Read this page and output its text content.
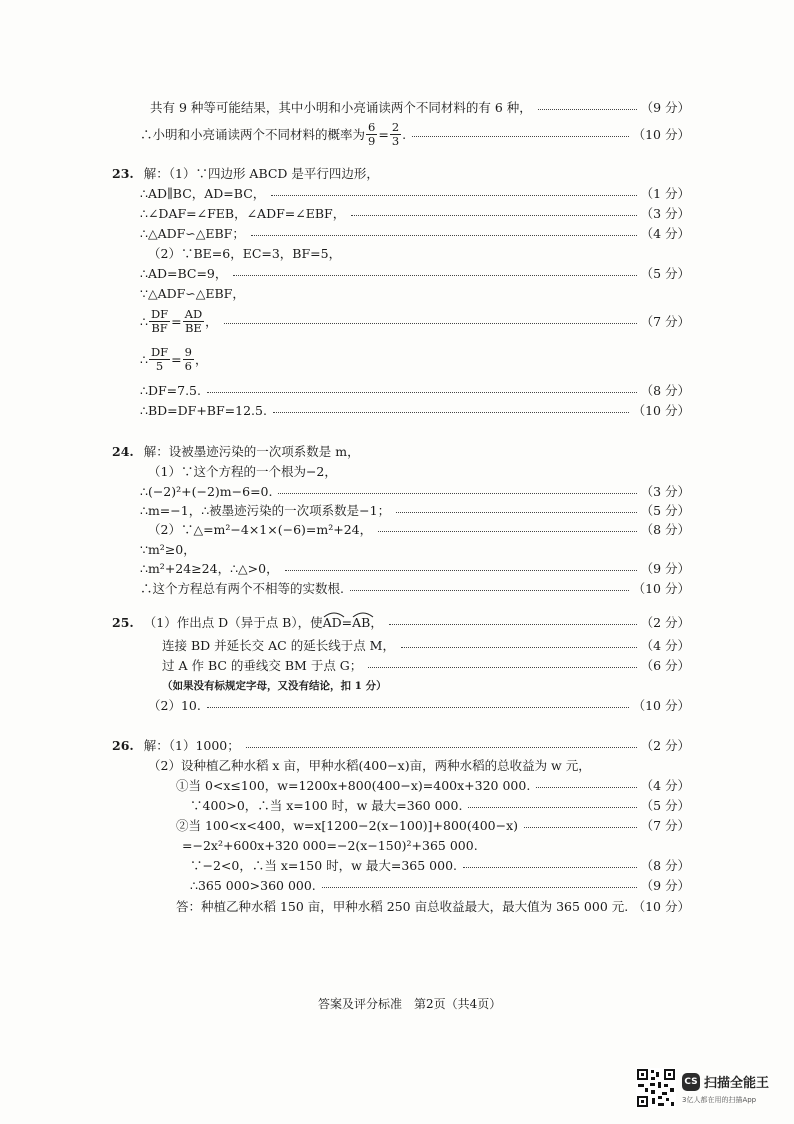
共有 9 种等可能结果，其中小明和小亮诵读两个不同材料的有 6 种，	（9 分）
∴小明和小亮诵读两个不同材料的概率为 $\frac{6}{9} = \frac{2}{3}$ .	（10 分）
23. 解：（1）∵四边形 ABCD 是平行四边形，
∴AD∥BC，AD=BC，	（1 分）
∴∠DAF=∠FEB，∠ADF=∠EBF，	（3 分）
∴△ADF∽△EBF；	（4 分）
（2）∵BE=6，EC=3，BF=5，
∴AD=BC=9，	（5 分）
∵△ADF∽△EBF，
∴ $\frac{DF}{BF} = \frac{AD}{BE}$ ，	（7 分）
∴ $\frac{DF}{5} = \frac{9}{6}$ ，
∴DF=7.5.	（8 分）
∴BD=DF+BF=12.5.	（10 分）
24. 解：设被墨迹污染的一次项系数是 m，
（1）∵这个方程的一个根为−2，
∴(−2)²+(−2)m−6=0.	（3 分）
∴m=−1，∴被墨迹污染的一次项系数是−1；	（5 分）
（2）∵△=m²−4×1×(−6)=m²+24，	（8 分）
∵m²≥0，
∴m²+24≥24，∴△>0，	（9 分）
∴这个方程总有两个不相等的实数根.	（10 分）
25. （1）作出点 D（异于点 B），使 AD = AB ，	（2 分）
连接 BD 并延长交 AC 的延长线于点 M，	（4 分）
过 A 作 BC 的垂线交 BM 于点 G；	（6 分）
（如果没有标规定字母，又没有结论，扣 1 分）
（2）10.	（10 分）
26. 解：（1）1000；	（2 分）
（2）设种植乙种水稻 x 亩，甲种水稻(400−x)亩，两种水稻的总收益为 w 元，
①当 0<x≤100，w=1200x+800(400−x)=400x+320 000.	（4 分）
∵400>0，∴当 x=100 时，w 最大=360 000.	（5 分）
②当 100<x<400，w=x[1200−2(x−100)]+800(400−x)	（7 分）
=−2x²+600x+320 000=−2(x−150)²+365 000.
∵−2<0，∴当 x=150 时，w 最大=365 000.	（8 分）
∴365 000>360 000.	（9 分）
答：种植乙种水稻 150 亩，甲种水稻 250 亩总收益最大，最大值为 365 000 元. （10 分）
答案及评分标准　第2页（共4页）
CS 扫描全能王
3亿人都在用的扫描App
